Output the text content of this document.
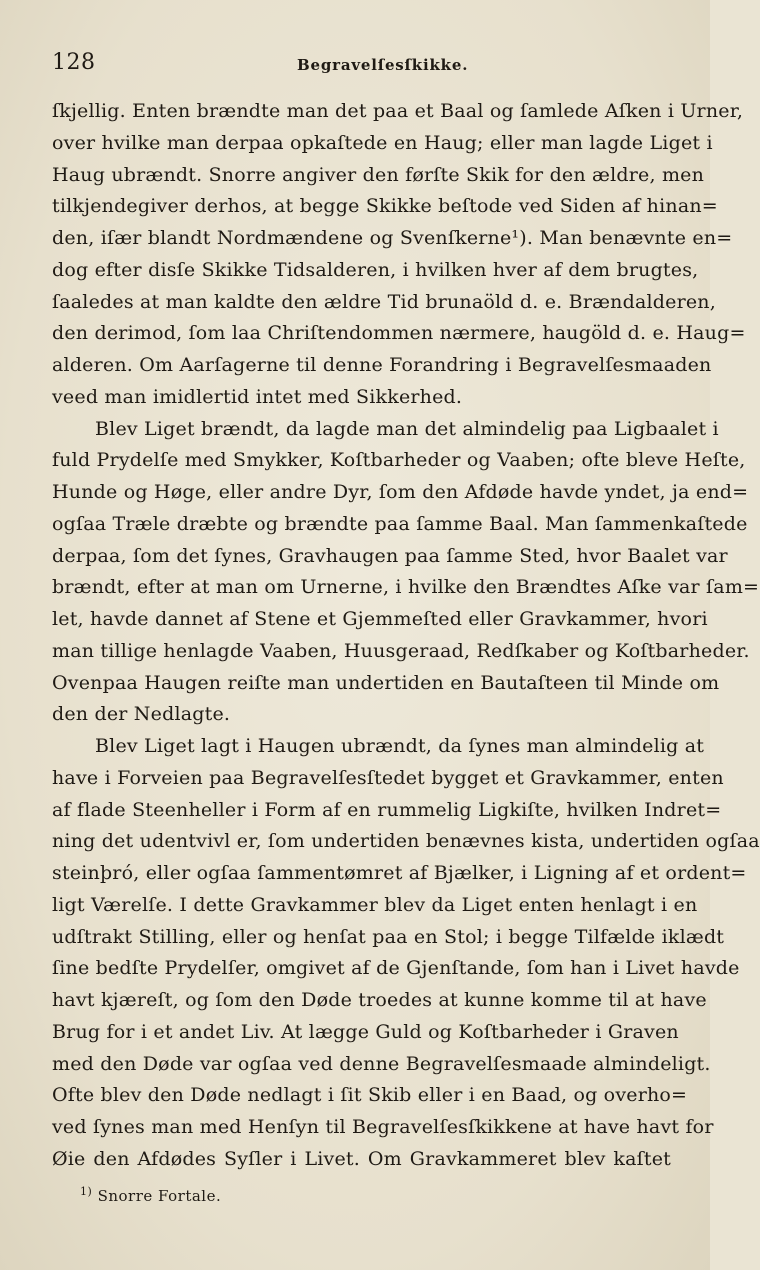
128	Begravelſesſkikke.
ſkjellig. Enten brændte man det paa et Baal og ſamlede Aſken i Urner,
over hvilke man derpaa opkaſtede en Haug; eller man lagde Liget i
Haug ubrændt. Snorre angiver den førſte Skik for den ældre, men
tilkjendegiver derhos, at begge Skikke beſtode ved Siden af hinan=
den, iſær blandt Nordmændene og Svenſkerne¹). Man benævnte en=
dog efter disſe Skikke Tidsalderen, i hvilken hver af dem brugtes,
ſaaledes at man kaldte den ældre Tid brunaöld d. e. Brændalderen,
den derimod, ſom laa Chriſtendommen nærmere, haugöld d. e. Haug=
alderen. Om Aarſagerne til denne Forandring i Begravelſesmaaden
veed man imidlertid intet med Sikkerhed.
Blev Liget brændt, da lagde man det almindelig paa Ligbaalet i
fuld Prydelſe med Smykker, Koſtbarheder og Vaaben; ofte bleve Heſte,
Hunde og Høge, eller andre Dyr, ſom den Afdøde havde yndet, ja end=
ogſaa Træle dræbte og brændte paa ſamme Baal. Man ſammenkaſtede
derpaa, ſom det ſynes, Gravhaugen paa ſamme Sted, hvor Baalet var
brændt, efter at man om Urnerne, i hvilke den Brændtes Aſke var ſam=
let, havde dannet af Stene et Gjemmeſted eller Gravkammer, hvori
man tillige henlagde Vaaben, Huusgeraad, Redſkaber og Koſtbarheder.
Ovenpaa Haugen reiſte man undertiden en Bautaſteen til Minde om
den der Nedlagte.
Blev Liget lagt i Haugen ubrændt, da ſynes man almindelig at
have i Forveien paa Begravelſesſtedet bygget et Gravkammer, enten
af flade Steenheller i Form af en rummelig Ligkiſte, hvilken Indret=
ning det udentvivl er, ſom undertiden benævnes kista, undertiden ogſaa
steinþró, eller ogſaa ſammentømret af Bjælker, i Ligning af et ordent=
ligt Værelſe. I dette Gravkammer blev da Liget enten henlagt i en
udſtrakt Stilling, eller og henſat paa en Stol; i begge Tilfælde iklædt
ſine bedſte Prydelſer, omgivet af de Gjenſtande, ſom han i Livet havde
havt kjæreſt, og ſom den Døde troedes at kunne komme til at have
Brug for i et andet Liv. At lægge Guld og Koſtbarheder i Graven
med den Døde var ogſaa ved denne Begravelſesmaade almindeligt.
Ofte blev den Døde nedlagt i ſit Skib eller i en Baad, og overho=
ved ſynes man med Henſyn til Begravelſesſkikkene at have havt for
Øie den Afdødes Syſler i Livet. Om Gravkammeret blev kaſtet
$^{1)}$ Snorre Fortale.
